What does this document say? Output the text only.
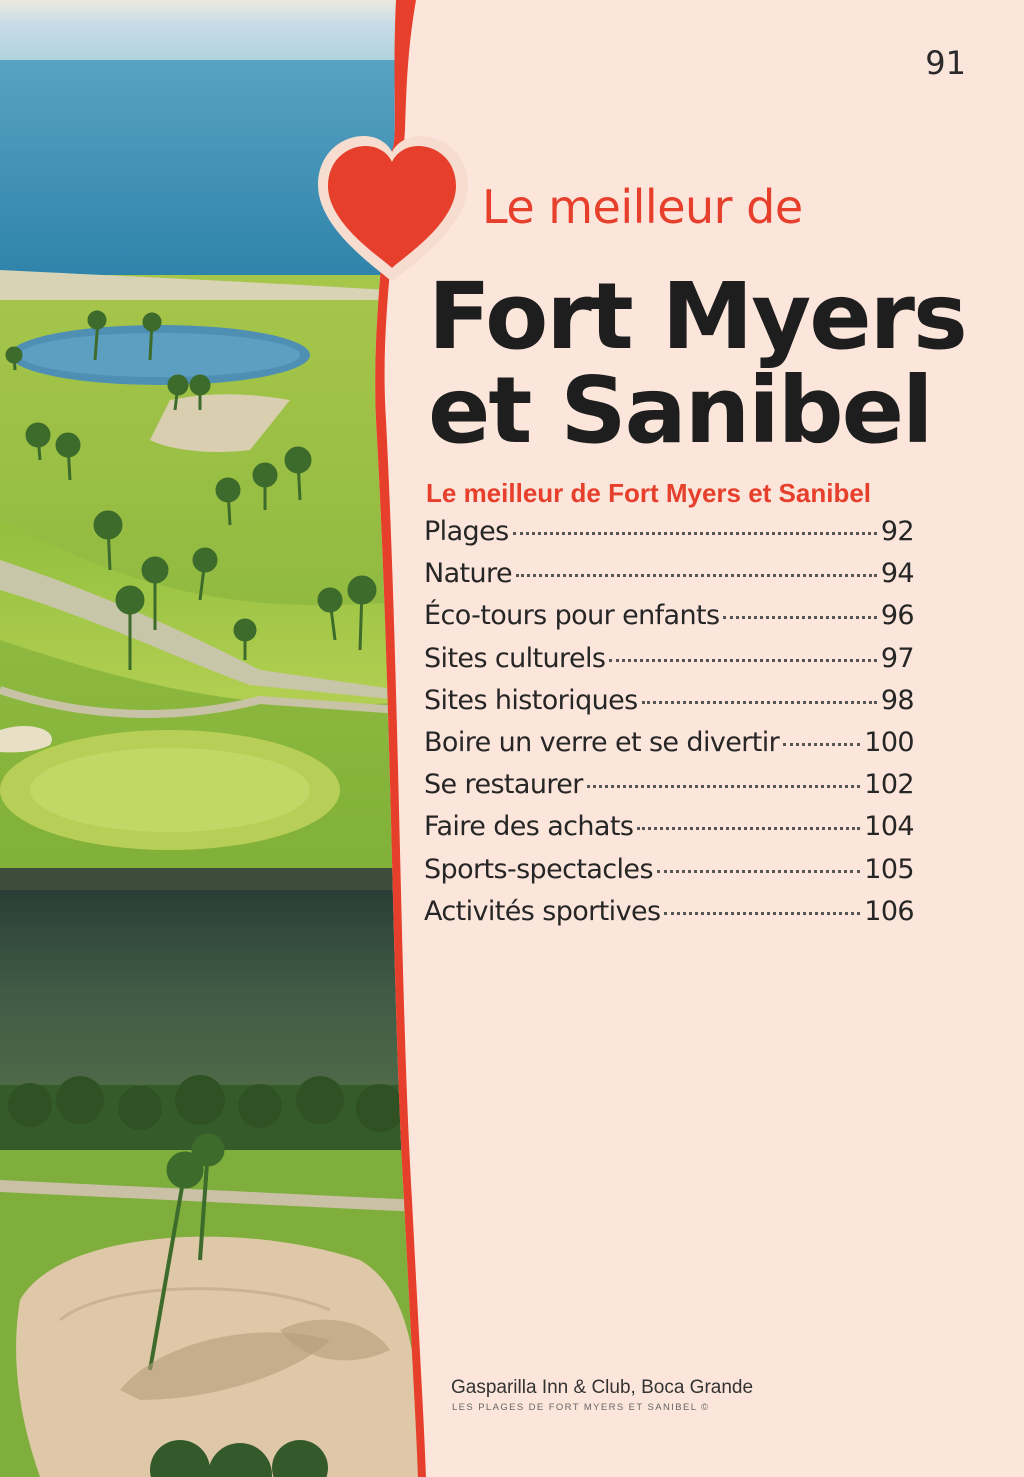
91
Le meilleur de
Fort Myers
et Sanibel
Le meilleur de Fort Myers et Sanibel
Plages	92
Nature	94
Éco-tours pour enfants	96
Sites culturels	97
Sites historiques	98
Boire un verre et se divertir	100
Se restaurer	102
Faire des achats	104
Sports-spectacles	105
Activités sportives	106
Gasparilla Inn & Club, Boca Grande
LES PLAGES DE FORT MYERS ET SANIBEL ©
